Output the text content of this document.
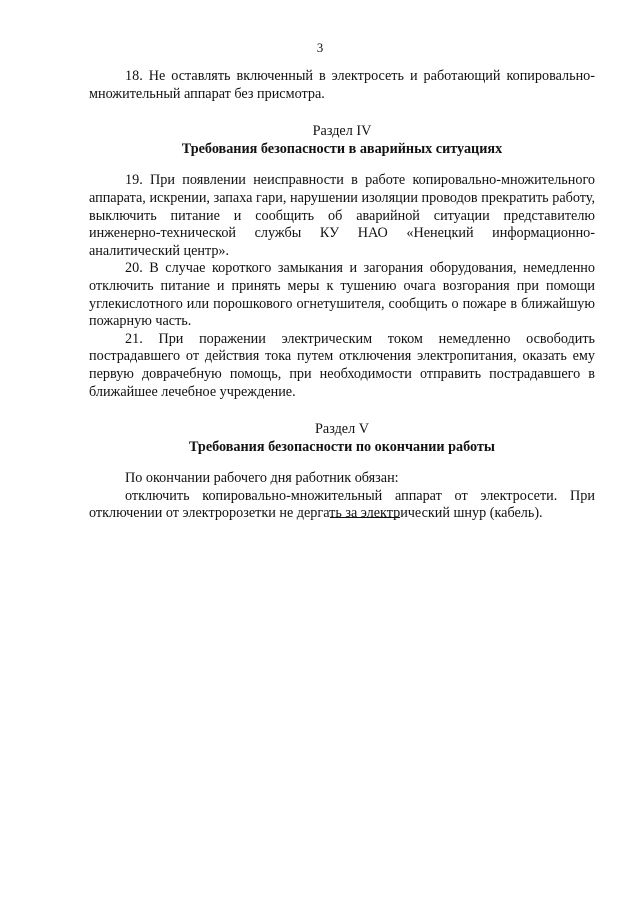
3

18. Не оставлять включенный в электросеть и работающий копировально-множительный аппарат без присмотра.

Раздел IV

Требования безопасности в аварийных ситуациях

19. При появлении неисправности в работе копировально-множительного аппарата, искрении, запаха гари, нарушении изоляции проводов прекратить работу, выключить питание и сообщить об аварийной ситуации представителю инженерно-технической службы КУ НАО «Ненецкий информационно-аналитический центр».

20. В случае короткого замыкания и загорания оборудования, немедленно отключить питание и принять меры к тушению очага возгорания при помощи углекислотного или порошкового огнетушителя, сообщить о пожаре в ближайшую пожарную часть.

21. При поражении электрическим током немедленно освободить пострадавшего от действия тока путем отключения электропитания, оказать ему первую доврачебную помощь, при необходимости отправить пострадавшего в ближайшее лечебное учреждение.

Раздел V

Требования безопасности по окончании работы

По окончании рабочего дня работник обязан:

отключить копировально-множительный аппарат от электросети. При отключении от электророзетки не дергать за электрический шнур (кабель).
